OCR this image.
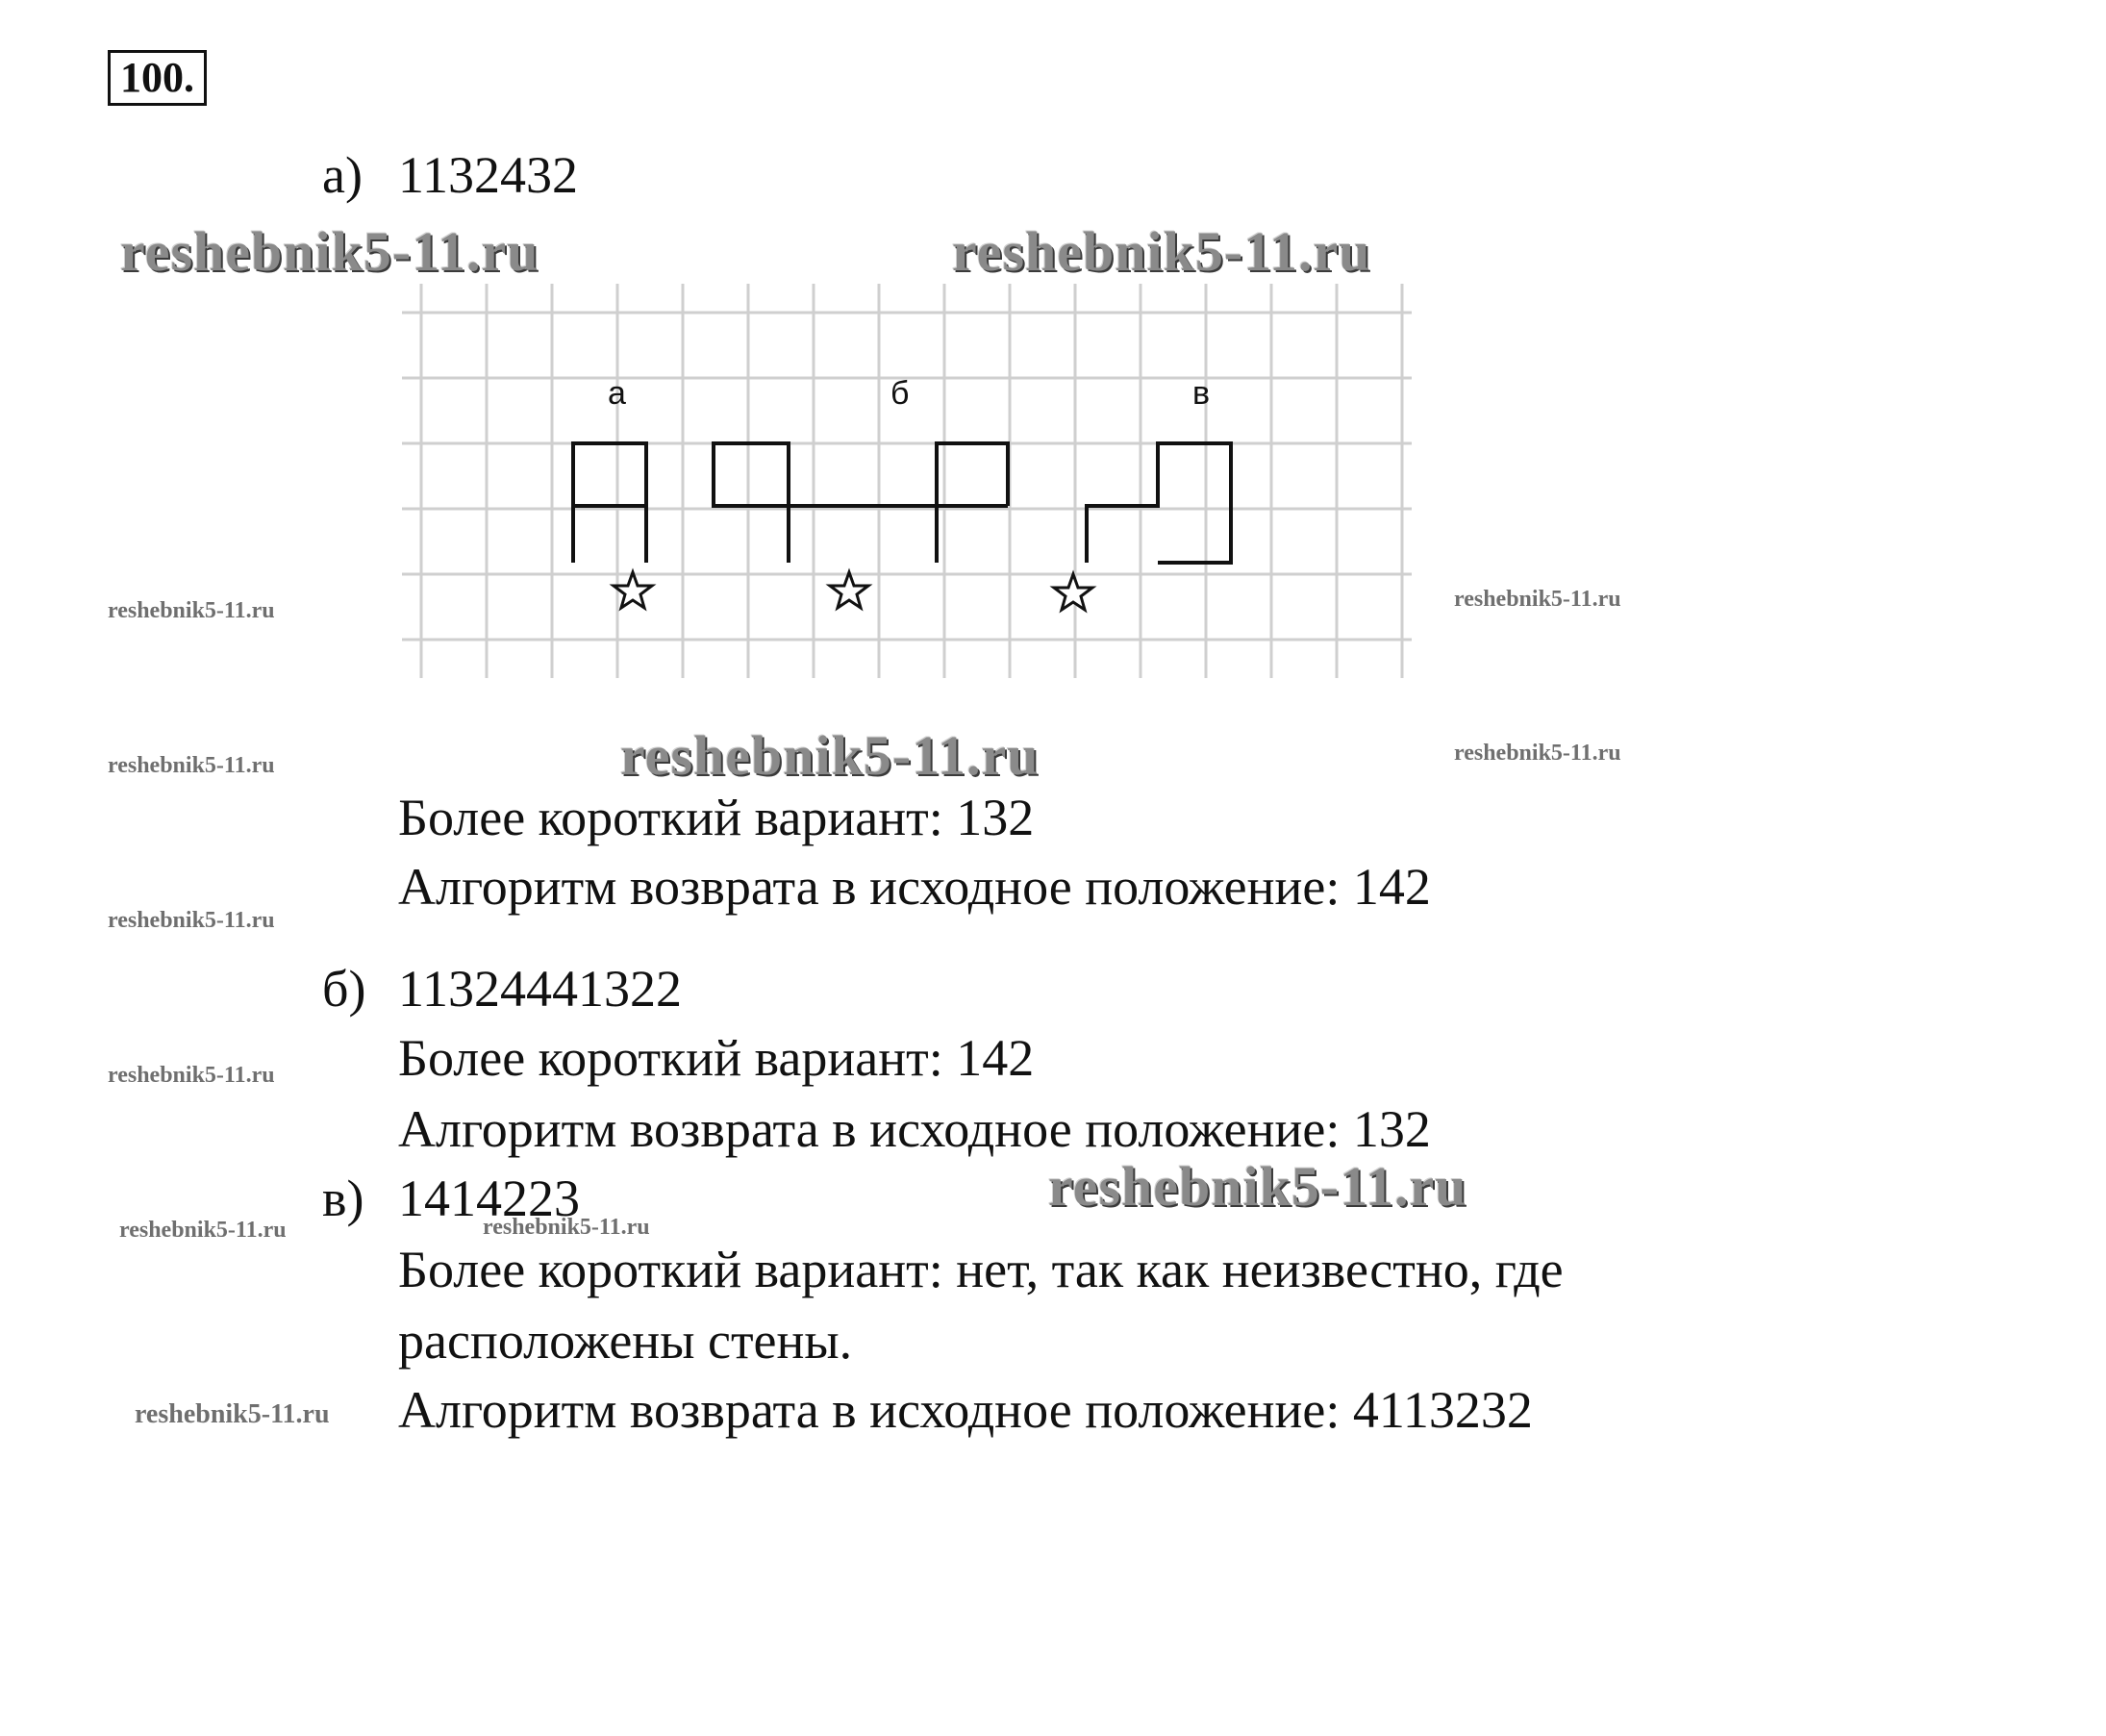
100.
reshebnik5-11.ru	reshebnik5-11.ru
reshebnik5-11.ru	reshebnik5-11.ru
reshebnik5-11.ru
reshebnik5-11.ru	reshebnik5-11.ru
reshebnik5-11.ru
reshebnik5-11.ru
reshebnik5-11.ru
reshebnik5-11.ru	reshebnik5-11.ru
reshebnik5-11.ru
а) 1132432
а	б	в
Более короткий вариант: 132
Алгоритм возврата в исходное положение: 142
б) 11324441322
Более короткий вариант: 142
Алгоритм возврата в исходное положение: 132
в) 1414223
Более короткий вариант: нет, так как неизвестно, где
расположены стены.
Алгоритм возврата в исходное положение: 4113232
